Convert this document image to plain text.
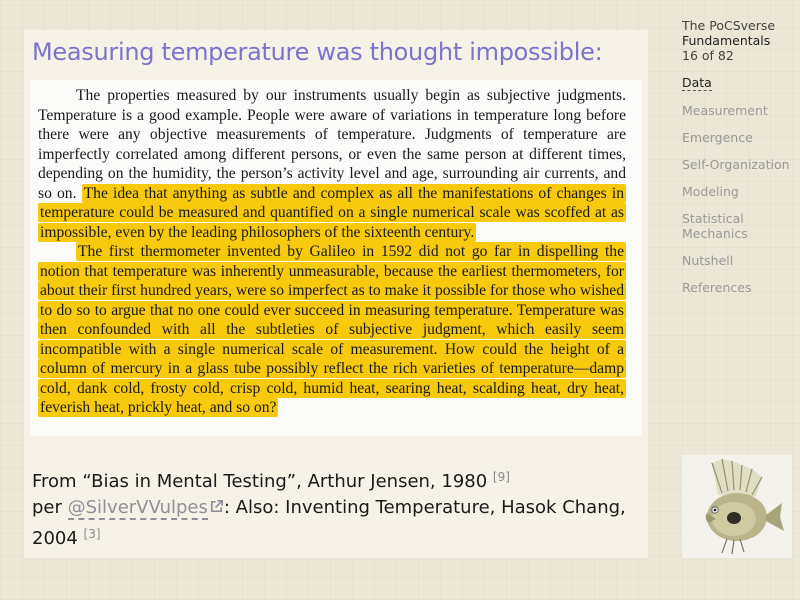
Measuring temperature was thought impossible:

The properties measured by our instruments usually begin as subjective judgments. Temperature is a good example. People were aware of variations in temperature long before there were any objective measurements of temperature. Judgments of temperature are imperfectly correlated among different persons, or even the same person at different times, depending on the humidity, the person’s activity level and age, surrounding air currents, and so on. The idea that anything as subtle and complex as all the manifestations of changes in temperature could be measured and quantified on a single numerical scale was scoffed at as impossible, even by the leading philosophers of the sixteenth century.

The first thermometer invented by Galileo in 1592 did not go far in dispelling the notion that temperature was inherently unmeasurable, because the earliest thermometers, for about their first hundred years, were so imperfect as to make it possible for those who wished to do so to argue that no one could ever succeed in measuring temperature. Temperature was then confounded with all the subtleties of subjective judgment, which easily seem incompatible with a single numerical scale of measurement. How could the height of a column of mercury in a glass tube possibly reflect the rich varieties of temperature—damp cold, dank cold, frosty cold, crisp cold, humid heat, searing heat, scalding heat, dry heat, feverish heat, prickly heat, and so on?

From “Bias in Mental Testing”, Arthur Jensen, 1980 [9]
per @SilverVVulpes : Also: Inventing Temperature, Hasok Chang, 2004 [3]
The PoCSverse
Fundamentals
16 of 82
Data
Measurement
Emergence
Self-Organization
Modeling
Statistical Mechanics
Nutshell
References
